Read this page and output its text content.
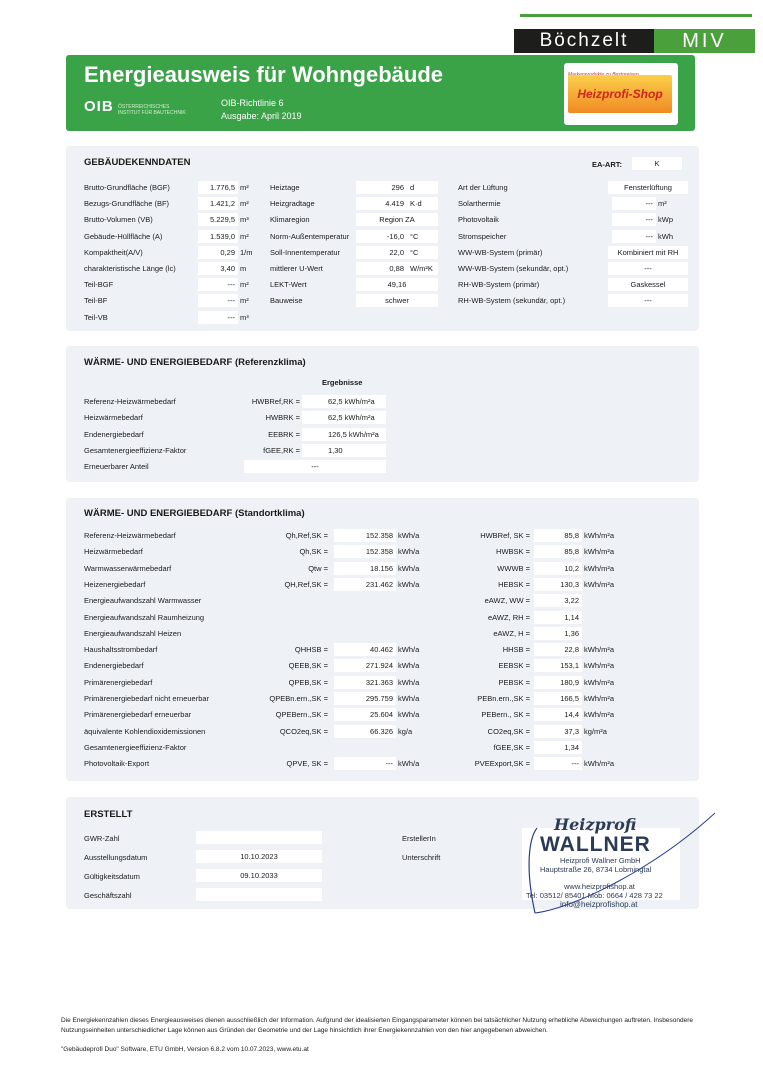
Böchzelt	MIV
Energieausweis für Wohngebäude
OIB ÖSTERREICHISCHES INSTITUT FÜR BAUTECHNIK
OIB-Richtlinie 6
Ausgabe: April 2019
Heizprofi-Shop
GEBÄUDEKENNDATEN	EA-ART:	K
Brutto-Grundfläche (BGF)	1.776,5 m²
Bezugs-Grundfläche (BF)	1.421,2 m²
Brutto-Volumen (VB)	5.229,5 m³
Gebäude-Hüllfläche (A)	1.539,0 m²
Kompaktheit(A/V)	0,29 1/m
charakteristische Länge (lc)	3,40 m
Teil-BGF	--- m²
Teil-BF	--- m²
Teil-VB	--- m³
Heiztage	296 d
Heizgradtage	4.419 K·d
Klimaregion	Region ZA
Norm-Außentemperatur	-16,0 °C
Soll-Innentemperatur	22,0 °C
mittlerer U-Wert	0,88 W/m²K
LEKT-Wert	49,16
Bauweise	schwer
Art der Lüftung	Fensterlüftung
Solarthermie	--- m²
Photovoltaik	--- kWp
Stromspeicher	--- kWh
WW-WB-System (primär)	Kombiniert mit RH
WW-WB-System (sekundär, opt.)	---
RH-WB-System (primär)	Gaskessel
RH-WB-System (sekundär, opt.)	---
WÄRME- UND ENERGIEBEDARF (Referenzklima)
Ergebnisse
Referenz-Heizwärmebedarf	HWBRef,RK =	62,5 kWh/m²a
Heizwärmebedarf	HWBRK =	62,5 kWh/m²a
Endenergiebedarf	EEBRK =	126,5 kWh/m²a
Gesamtenergieeffizienz-Faktor	fGEE,RK =	1,30
Erneuerbarer Anteil	---
WÄRME- UND ENERGIEBEDARF (Standortklima)
Referenz-Heizwärmebedarf	Qh,Ref,SK =	152.358 kWh/a	HWBRef, SK =	85,8 kWh/m²a
Heizwärmebedarf	Qh,SK =	152.358 kWh/a	HWBSK =	85,8 kWh/m²a
Warmwasserwärmebedarf	Qtw =	18.156 kWh/a	WWWB =	10,2 kWh/m²a
Heizenergiebedarf	QH,Ref,SK =	231.462 kWh/a	HEBSK =	130,3 kWh/m²a
Energieaufwandszahl Warmwasser	eAWZ, WW =	3,22
Energieaufwandszahl Raumheizung	eAWZ, RH =	1,14
Energieaufwandszahl Heizen	eAWZ, H =	1,36
Haushaltsstrombedarf	QHHSB =	40.462 kWh/a	HHSB =	22,8 kWh/m²a
Endenergiebedarf	QEEB,SK =	271.924 kWh/a	EEBSK =	153,1 kWh/m²a
Primärenergiebedarf	QPEB,SK =	321.363 kWh/a	PEBSK =	180,9 kWh/m²a
Primärenergiebedarf nicht erneuerbar	QPEBn.ern.,SK =	295.759 kWh/a	PEBn.ern.,SK =	166,5 kWh/m²a
Primärenergiebedarf erneuerbar	QPEBern.,SK =	25.604 kWh/a	PEBern., SK =	14,4 kWh/m²a
äquivalente Kohlendioxidemissionen	QCO2eq,SK =	66.326 kg/a	CO2eq,SK =	37,3 kg/m²a
Gesamtenergieeffizienz-Faktor	fGEE,SK =	1,34
Photovoltaik-Export	QPVE, SK =	--- kWh/a	PVEExport,SK =	--- kWh/m²a
ERSTELLT
GWR-Zahl
Ausstellungsdatum	10.10.2023
Gültigkeitsdatum	09.10.2033
Geschäftszahl
ErstellerIn
Unterschrift
Heizprofi
WALLNER
Heizprofi Wallner GmbH
Hauptstraße 26, 8734 Lobmingtal
www.heizprofishop.at
Tel: 03512/ 85401 Mob: 0664 / 428 73 22
info@heizprofishop.at
Die Energiekennzahlen dieses Energieausweises dienen ausschließlich der Information. Aufgrund der idealisierten Eingangsparameter können bei tatsächlicher Nutzung erhebliche Abweichungen auftreten. Insbesondere Nutzungseinheiten unterschiedlicher Lage können aus Gründen der Geometrie und der Lage hinsichtlich ihrer Energiekennzahlen von den hier angegebenen abweichen.
"Gebäudeprofi Duo" Software, ETU GmbH, Version 6.8.2 vom 10.07.2023, www.etu.at
